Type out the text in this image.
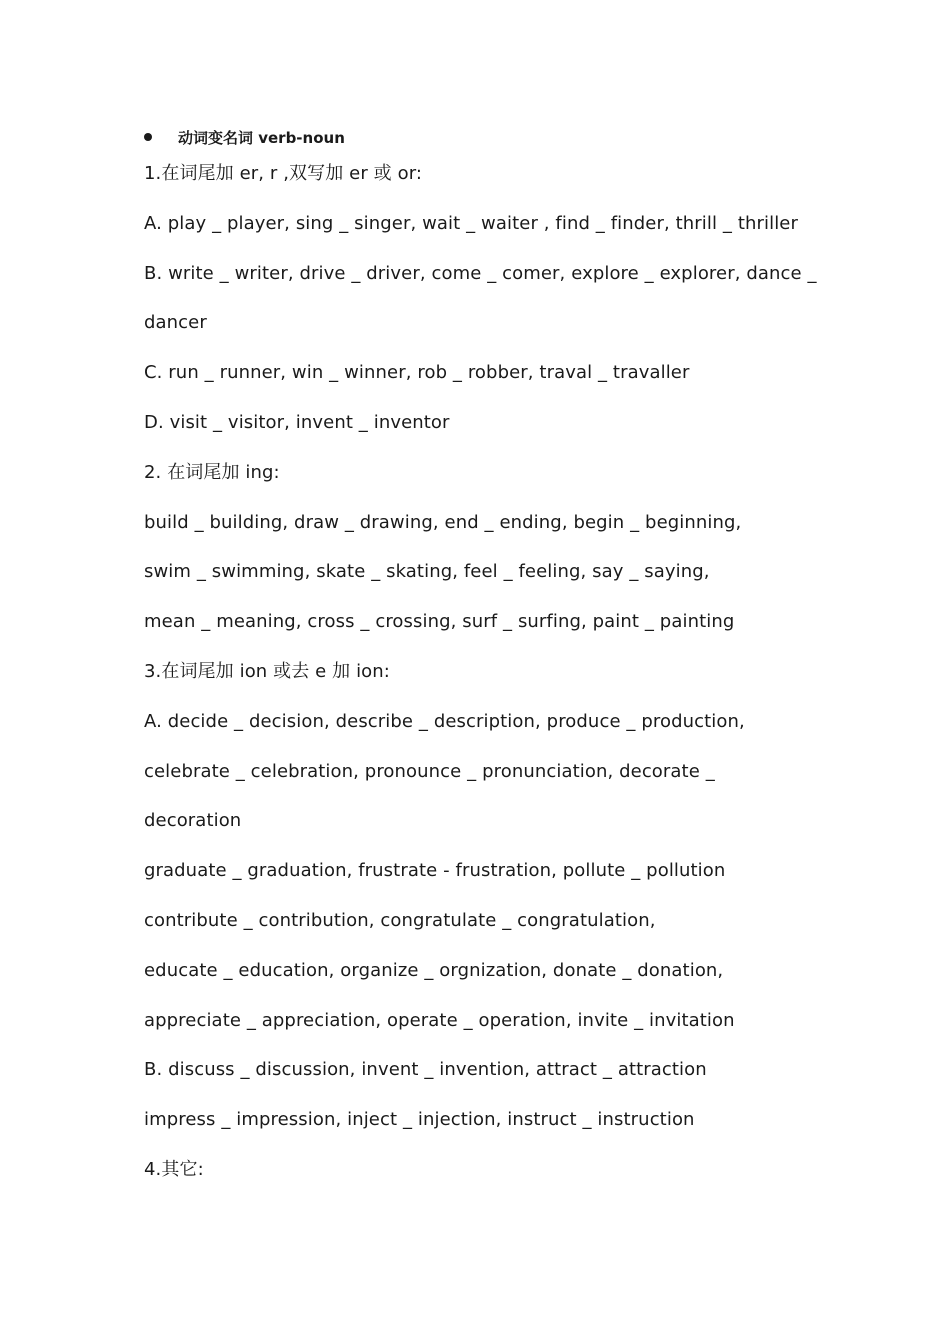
动词变名词 verb-noun
1.在词尾加 er, r ,双写加 er 或 or:
A. play _ player, sing _ singer, wait _ waiter , find _ finder, thrill _ thriller
B. write _ writer, drive _ driver, come _ comer, explore _ explorer, dance _
dancer
C. run _ runner, win _ winner, rob _ robber, traval _ travaller
D. visit _ visitor, invent _ inventor
2. 在词尾加 ing:
build _ building, draw _ drawing, end _ ending, begin _ beginning,
swim _ swimming, skate _ skating, feel _ feeling, say _ saying,
mean _ meaning, cross _ crossing, surf _ surfing, paint _ painting
3.在词尾加 ion 或去 e 加 ion:
A. decide _ decision, describe _ description, produce _ production,
celebrate _ celebration, pronounce _ pronunciation, decorate _
decoration
graduate _ graduation, frustrate - frustration, pollute _ pollution
contribute _ contribution, congratulate _ congratulation,
educate _ education, organize _ orgnization, donate _ donation,
appreciate _ appreciation, operate _ operation, invite _ invitation
B. discuss _ discussion, invent _ invention, attract _ attraction
impress _ impression, inject _ injection, instruct _ instruction
4.其它:
